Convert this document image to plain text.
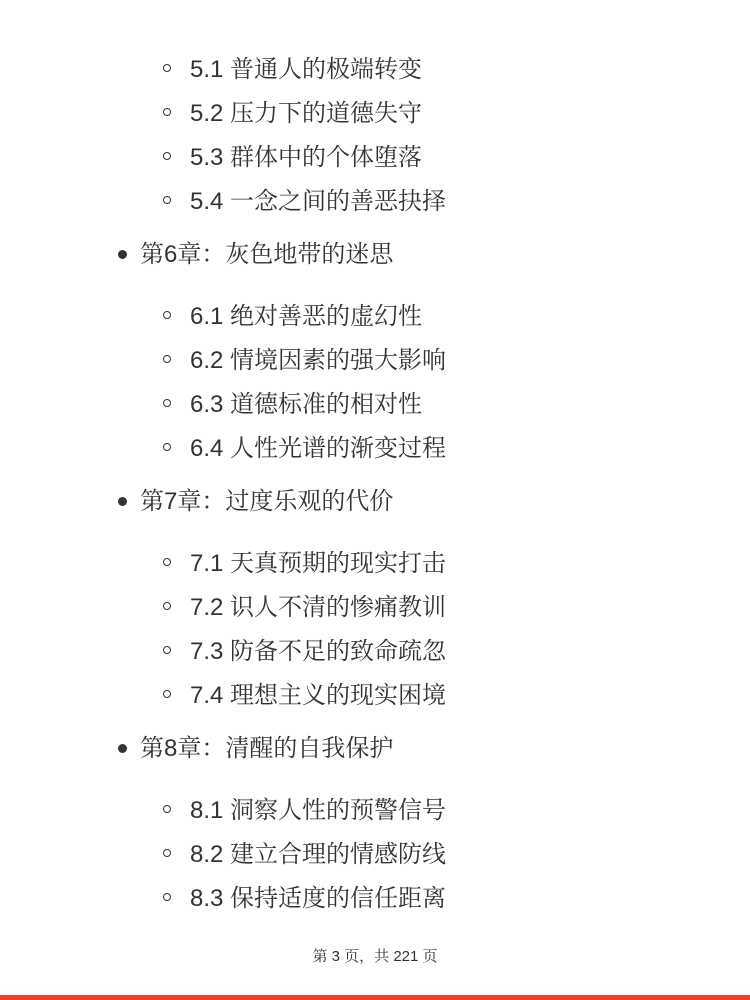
5.1 普通人的极端转变
5.2 压力下的道德失守
5.3 群体中的个体堕落
5.4 一念之间的善恶抉择
第6章：灰色地带的迷思
6.1 绝对善恶的虚幻性
6.2 情境因素的强大影响
6.3 道德标准的相对性
6.4 人性光谱的渐变过程
第7章：过度乐观的代价
7.1 天真预期的现实打击
7.2 识人不清的惨痛教训
7.3 防备不足的致命疏忽
7.4 理想主义的现实困境
第8章：清醒的自我保护
8.1 洞察人性的预警信号
8.2 建立合理的情感防线
8.3 保持适度的信任距离
第 3 页，共 221 页
